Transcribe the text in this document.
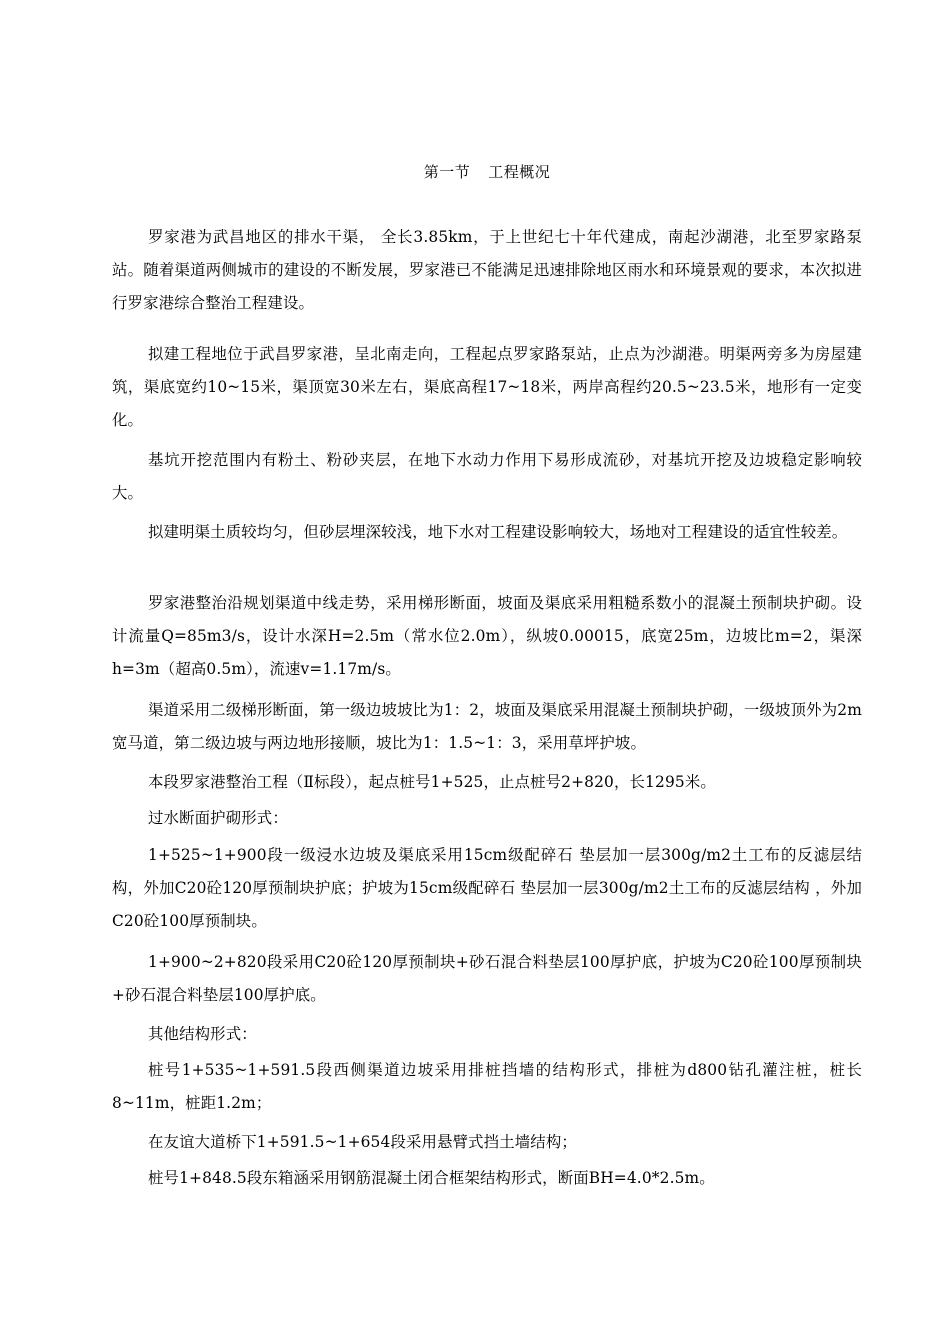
第一节 工程概况

罗家港为武昌地区的排水干渠， 全长3.85km，于上世纪七十年代建成，南起沙湖港，北至罗家路泵站。随着渠道两侧城市的建设的不断发展，罗家港已不能满足迅速排除地区雨水和环境景观的要求，本次拟进行罗家港综合整治工程建设。

拟建工程地位于武昌罗家港，呈北南走向，工程起点罗家路泵站，止点为沙湖港。明渠两旁多为房屋建筑，渠底宽约10~15米，渠顶宽30米左右，渠底高程17~18米，两岸高程约20.5~23.5米，地形有一定变化。

基坑开挖范围内有粉土、粉砂夹层，在地下水动力作用下易形成流砂，对基坑开挖及边坡稳定影响较大。

拟建明渠土质较均匀，但砂层埋深较浅，地下水对工程建设影响较大，场地对工程建设的适宜性较差。

罗家港整治沿规划渠道中线走势，采用梯形断面，坡面及渠底采用粗糙系数小的混凝土预制块护砌。设计流量Q=85m3/s，设计水深H=2.5m（常水位2.0m），纵坡0.00015，底宽25m，边坡比m=2，渠深h=3m（超高0.5m），流速v=1.17m/s。

渠道采用二级梯形断面，第一级边坡坡比为1：2，坡面及渠底采用混凝土预制块护砌，一级坡顶外为2m宽马道，第二级边坡与两边地形接顺，坡比为1：1.5~1：3，采用草坪护坡。

本段罗家港整治工程（Ⅱ标段），起点桩号1+525，止点桩号2+820，长1295米。

过水断面护砌形式：

1+525~1+900段一级浸水边坡及渠底采用15cm级配碎石 垫层加一层300g/m2土工布的反滤层结构，外加C20砼120厚预制块护底；护坡为15cm级配碎石 垫层加一层300g/m2土工布的反滤层结构 ，外加C20砼100厚预制块。

1+900~2+820段采用C20砼120厚预制块+砂石混合料垫层100厚护底，护坡为C20砼100厚预制块+砂石混合料垫层100厚护底。

其他结构形式：

桩号1+535~1+591.5段西侧渠道边坡采用排桩挡墙的结构形式，排桩为d800钻孔灌注桩，桩长8~11m，桩距1.2m；

在友谊大道桥下1+591.5~1+654段采用悬臂式挡土墙结构；

桩号1+848.5段东箱涵采用钢筋混凝土闭合框架结构形式，断面BH=4.0*2.5m。
